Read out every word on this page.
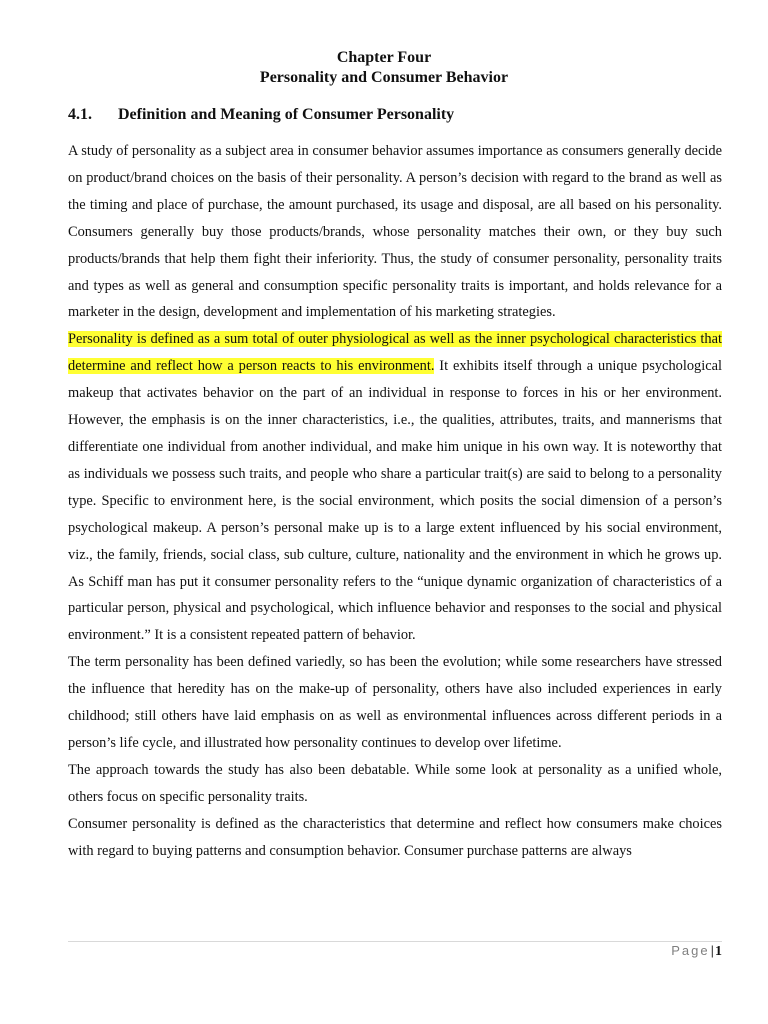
Chapter Four
Personality and Consumer Behavior
4.1. Definition and Meaning of Consumer Personality

A study of personality as a subject area in consumer behavior assumes importance as consumers generally decide on product/brand choices on the basis of their personality. A person’s decision with regard to the brand as well as the timing and place of purchase, the amount purchased, its usage and disposal, are all based on his personality. Consumers generally buy those products/brands, whose personality matches their own, or they buy such products/brands that help them fight their inferiority. Thus, the study of consumer personality, personality traits and types as well as general and consumption specific personality traits is important, and holds relevance for a marketer in the design, development and implementation of his marketing strategies.

Personality is defined as a sum total of outer physiological as well as the inner psychological characteristics that determine and reflect how a person reacts to his environment. It exhibits itself through a unique psychological makeup that activates behavior on the part of an individual in response to forces in his or her environment. However, the emphasis is on the inner characteristics, i.e., the qualities, attributes, traits, and mannerisms that differentiate one individual from another individual, and make him unique in his own way. It is noteworthy that as individuals we possess such traits, and people who share a particular trait(s) are said to belong to a personality type. Specific to environment here, is the social environment, which posits the social dimension of a person’s psychological makeup. A person’s personal make up is to a large extent influenced by his social environment, viz., the family, friends, social class, sub culture, culture, nationality and the environment in which he grows up. As Schiff man has put it consumer personality refers to the “unique dynamic organization of characteristics of a particular person, physical and psychological, which influence behavior and responses to the social and physical environment.” It is a consistent repeated pattern of behavior.

The term personality has been defined variedly, so has been the evolution; while some researchers have stressed the influence that heredity has on the make-up of personality, others have also included experiences in early childhood; still others have laid emphasis on as well as environmental influences across different periods in a person’s life cycle, and illustrated how personality continues to develop over lifetime.

The approach towards the study has also been debatable. While some look at personality as a unified whole, others focus on specific personality traits.

Consumer personality is defined as the characteristics that determine and reflect how consumers make choices with regard to buying patterns and consumption behavior. Consumer purchase patterns are always

Page|1
